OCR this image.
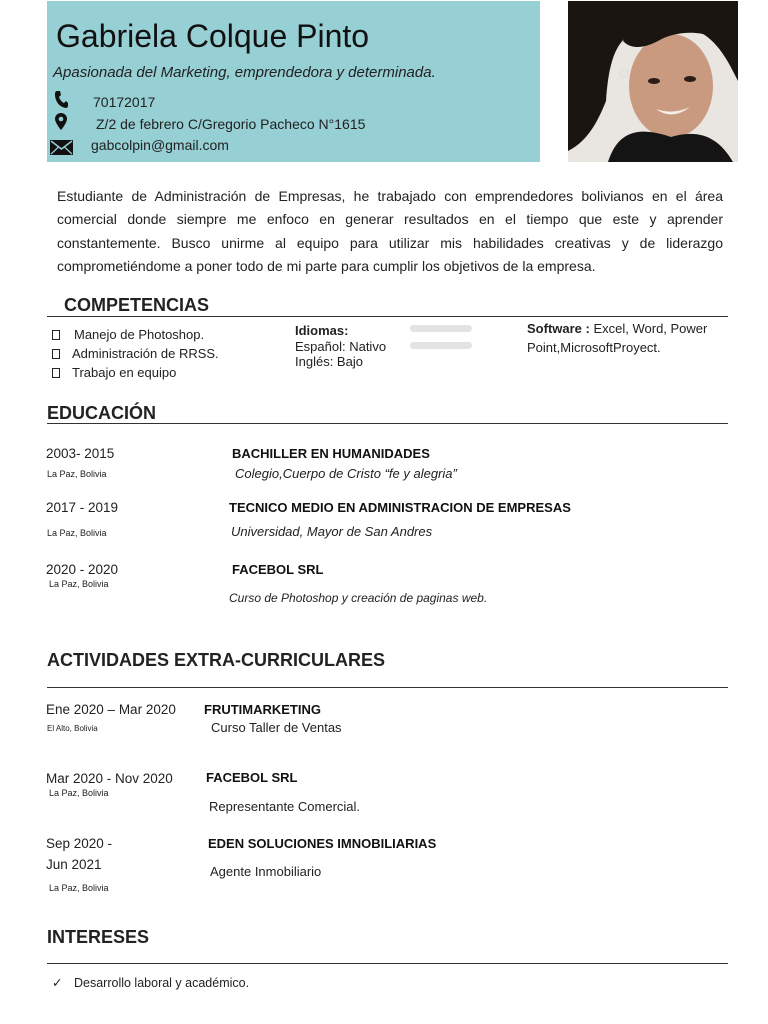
Gabriela Colque Pinto
Apasionada del Marketing, emprendedora y determinada.
70172017
Z/2 de febrero C/Gregorio Pacheco N°1615
gabcolpin@gmail.com
Estudiante de Administración de Empresas, he trabajado con emprendedores bolivianos en el área comercial donde siempre me enfoco en generar resultados en el tiempo que este y aprender constantemente. Busco unirme al equipo para utilizar mis habilidades creativas y de liderazgo comprometiéndome a poner todo de mi parte para cumplir los objetivos de la empresa.
COMPETENCIAS
Manejo de Photoshop.
Administración de RRSS.
Trabajo en equipo
Idiomas:
Español: Nativo
Inglés: Bajo
Software : Excel, Word, Power Point,MicrosoftProyect.
EDUCACIÓN
2003- 2015
La Paz, Bolivia
BACHILLER EN HUMANIDADES
Colegio,Cuerpo de Cristo “fe y alegria”
2017 - 2019
La Paz, Bolivia
TECNICO MEDIO EN ADMINISTRACION DE EMPRESAS
Universidad, Mayor de San Andres
2020 - 2020
La Paz, Bolivia
FACEBOL SRL
Curso de Photoshop y creación de paginas web.
ACTIVIDADES EXTRA-CURRICULARES
Ene 2020 – Mar 2020
El Alto, Bolivia
FRUTIMARKETING
Curso Taller de Ventas
Mar 2020 - Nov 2020
La Paz, Bolivia
FACEBOL SRL
Representante Comercial.
Sep 2020 -
Jun 2021
La Paz, Bolivia
EDEN SOLUCIONES IMNOBILIARIAS
Agente Inmobiliario
INTERESES
✓ Desarrollo laboral y académico.
